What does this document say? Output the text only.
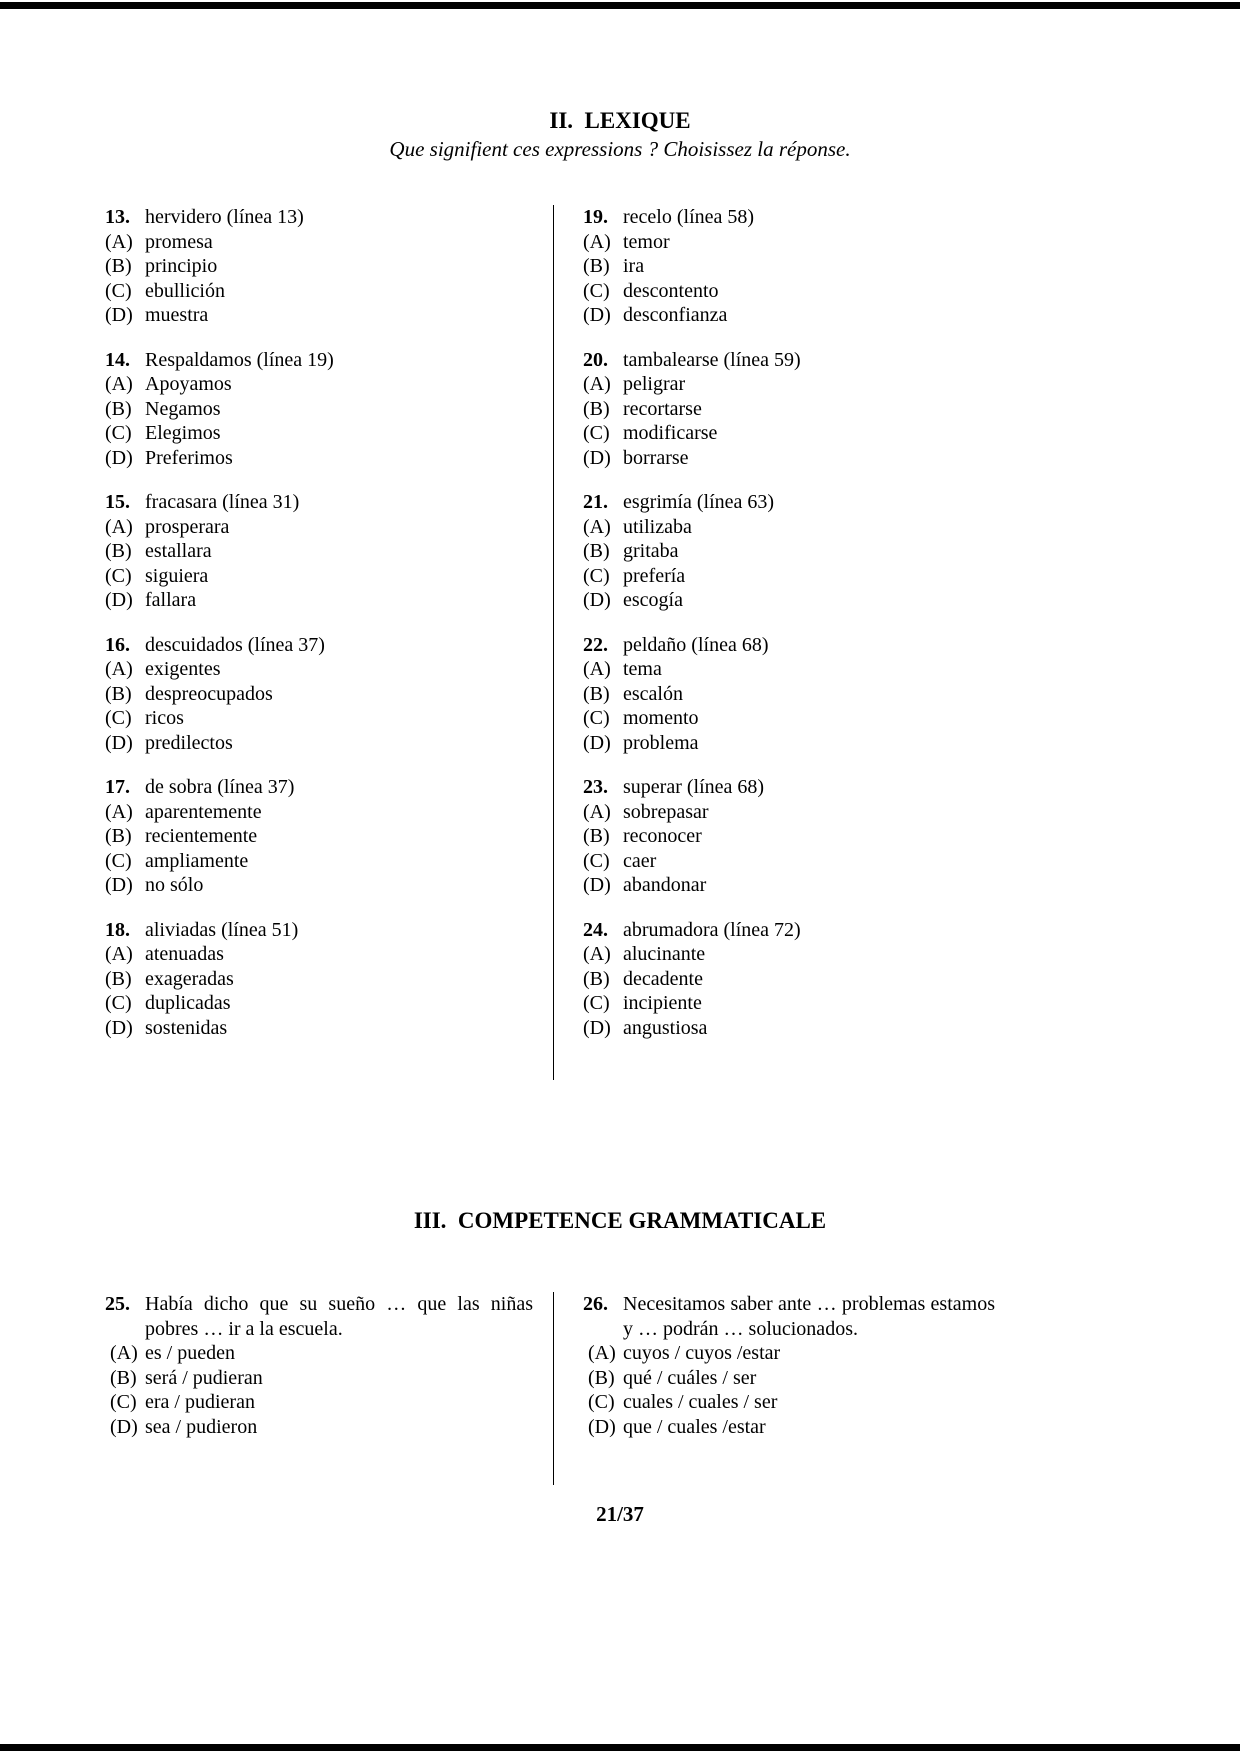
II.  LEXIQUE
Que signifient ces expressions ? Choisissez la réponse.
13. hervidero (línea 13)
(A) promesa
(B) principio
(C) ebullición
(D) muestra
14. Respaldamos (línea 19)
(A) Apoyamos
(B) Negamos
(C) Elegimos
(D) Preferimos
15. fracasara (línea 31)
(A) prosperara
(B) estallara
(C) siguiera
(D) fallara
16. descuidados (línea 37)
(A) exigentes
(B) despreocupados
(C) ricos
(D) predilectos
17. de sobra (línea 37)
(A) aparentemente
(B) recientemente
(C) ampliamente
(D) no sólo
18. aliviadas (línea 51)
(A) atenuadas
(B) exageradas
(C) duplicadas
(D) sostenidas
19. recelo (línea 58)
(A) temor
(B) ira
(C) descontento
(D) desconfianza
20. tambalearse (línea 59)
(A) peligrar
(B) recortarse
(C) modificarse
(D) borrarse
21. esgrimía (línea 63)
(A) utilizaba
(B) gritaba
(C) prefería
(D) escogía
22. peldaño (línea 68)
(A) tema
(B) escalón
(C) momento
(D) problema
23. superar (línea 68)
(A) sobrepasar
(B) reconocer
(C) caer
(D) abandonar
24. abrumadora (línea 72)
(A) alucinante
(B) decadente
(C) incipiente
(D) angustiosa
III.  COMPETENCE GRAMMATICALE
25. Había dicho que su sueño … que las niñas pobres … ir a la escuela.
(A) es / pueden
(B) será / pudieran
(C) era / pudieran
(D) sea / pudieron
26. Necesitamos saber ante … problemas estamos y … podrán … solucionados.
(A) cuyos / cuyos /estar
(B) qué / cuáles / ser
(C) cuales / cuales / ser
(D) que / cuales /estar
21/37
